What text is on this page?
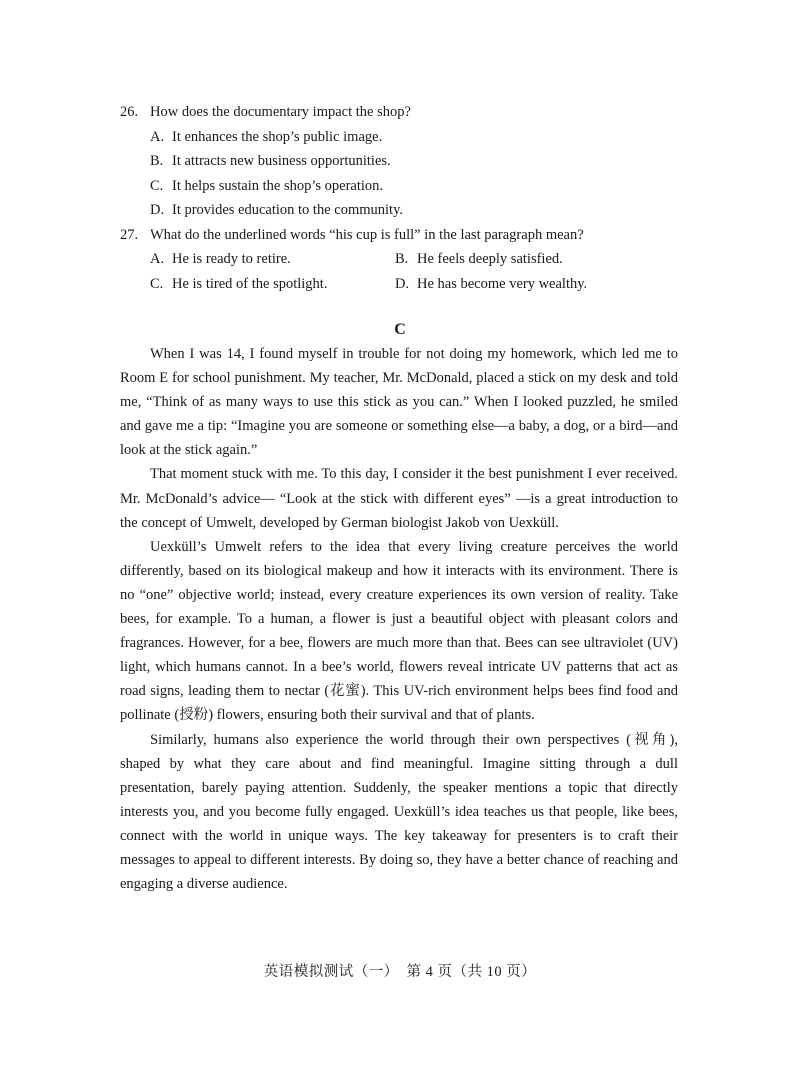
26. How does the documentary impact the shop?
A. It enhances the shop’s public image.
B. It attracts new business opportunities.
C. It helps sustain the shop’s operation.
D. It provides education to the community.
27. What do the underlined words “his cup is full” in the last paragraph mean?
A. He is ready to retire.	B. He feels deeply satisfied.
C. He is tired of the spotlight.	D. He has become very wealthy.
C

When I was 14, I found myself in trouble for not doing my homework, which led me to Room E for school punishment. My teacher, Mr. McDonald, placed a stick on my desk and told me, “Think of as many ways to use this stick as you can.” When I looked puzzled, he smiled and gave me a tip: “Imagine you are someone or something else—a baby, a dog, or a bird—and look at the stick again.”

That moment stuck with me. To this day, I consider it the best punishment I ever received. Mr. McDonald’s advice— “Look at the stick with different eyes” —is a great introduction to the concept of Umwelt, developed by German biologist Jakob von Uexküll.

Uexküll’s Umwelt refers to the idea that every living creature perceives the world differently, based on its biological makeup and how it interacts with its environment. There is no “one” objective world; instead, every creature experiences its own version of reality. Take bees, for example. To a human, a flower is just a beautiful object with pleasant colors and fragrances. However, for a bee, flowers are much more than that. Bees can see ultraviolet (UV) light, which humans cannot. In a bee’s world, flowers reveal intricate UV patterns that act as road signs, leading them to nectar (花蜜). This UV-rich environment helps bees find food and pollinate (授粉) flowers, ensuring both their survival and that of plants.

Similarly, humans also experience the world through their own perspectives (视角), shaped by what they care about and find meaningful. Imagine sitting through a dull presentation, barely paying attention. Suddenly, the speaker mentions a topic that directly interests you, and you become fully engaged. Uexküll’s idea teaches us that people, like bees, connect with the world in unique ways. The key takeaway for presenters is to craft their messages to appeal to different interests. By doing so, they have a better chance of reaching and engaging a diverse audience.

英语模拟测试（一）　第 4 页（共 10 页）
